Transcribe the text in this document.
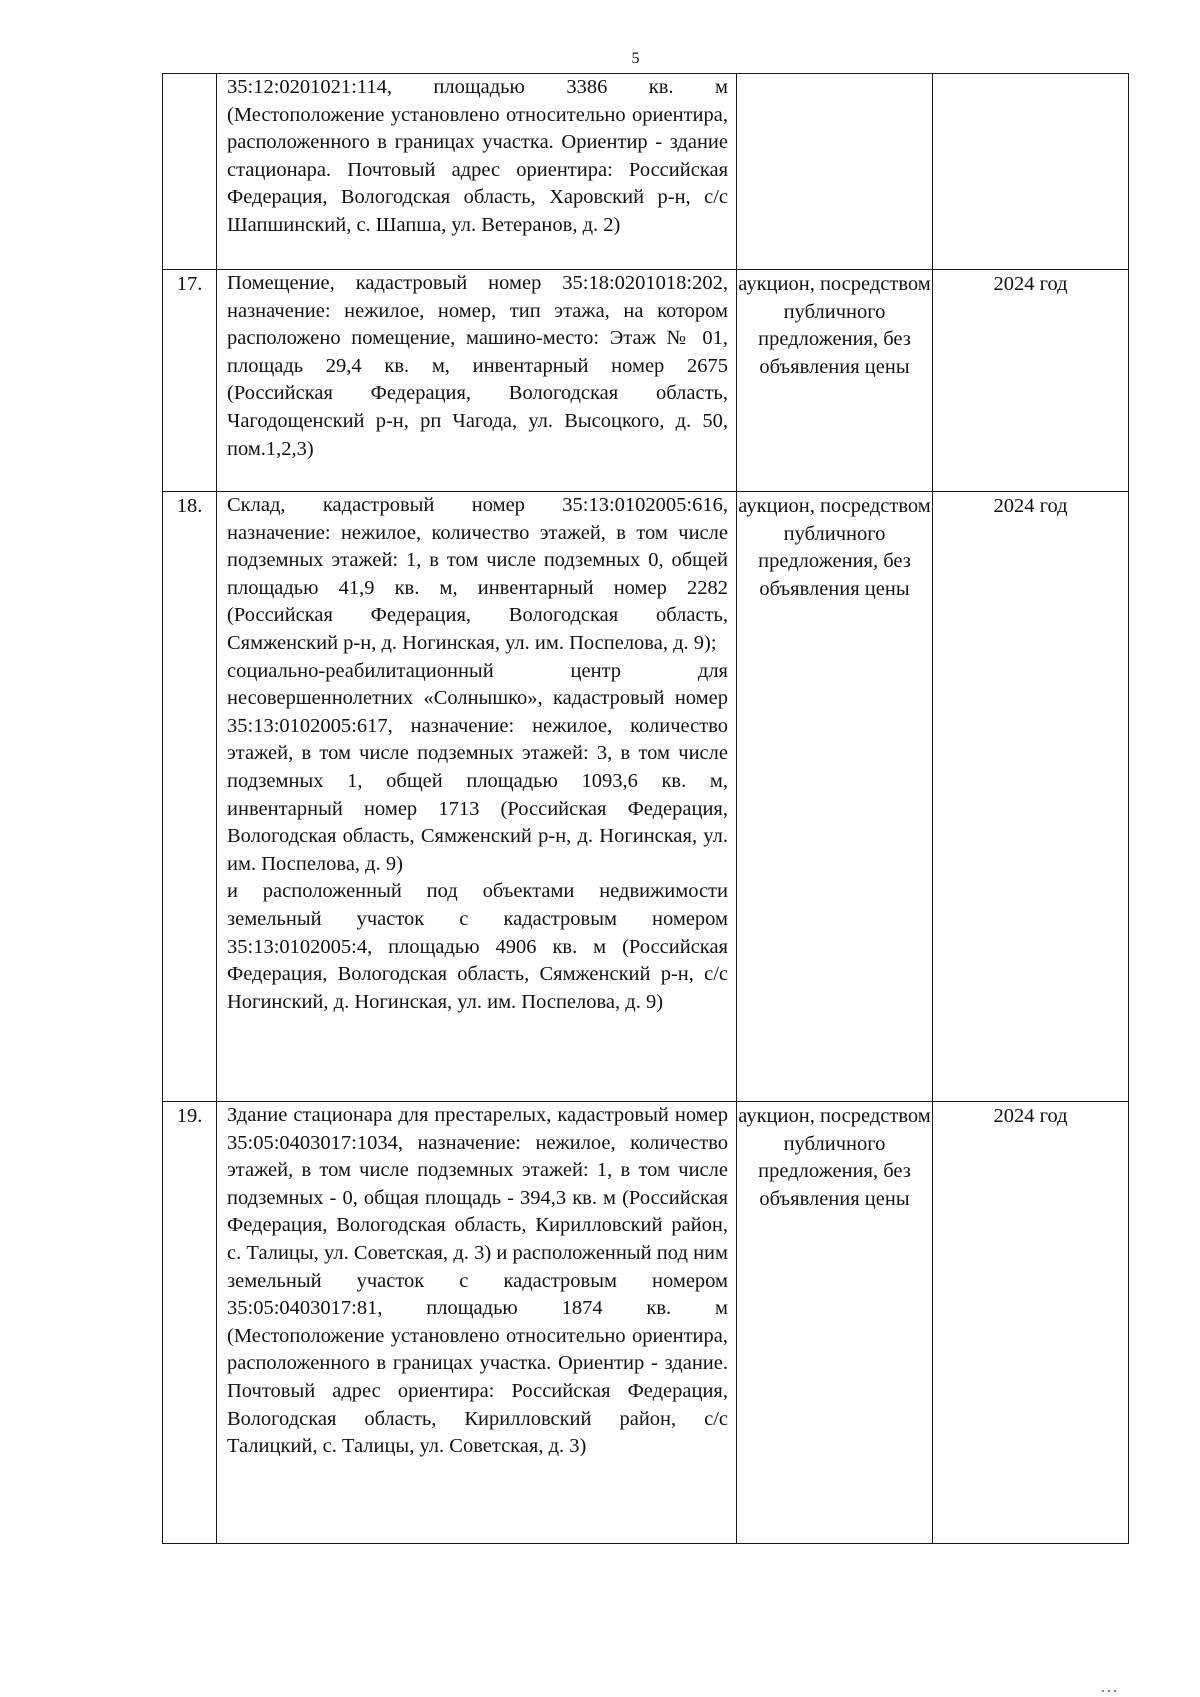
5

	35:12:0201021:114, площадью 3386 кв. м (Местоположение установлено относительно ориентира, расположенного в границах участка. Ориентир - здание стационара. Почтовый адрес ориентира: Российская Федерация, Вологодская область, Харовский р-н, с/с Шапшинский, с. Шапша, ул. Ветеранов, д. 2)		

17.	Помещение, кадастровый номер 35:18:0201018:202, назначение: нежилое, номер, тип этажа, на котором расположено помещение, машино-место: Этаж № 01, площадь 29,4 кв. м, инвентарный номер 2675 (Российская Федерация, Вологодская область, Чагодощенский р-н, рп Чагода, ул. Высоцкого, д. 50, пом.1,2,3)	аукцион, посредством публичного предложения, без объявления цены	2024 год
18.	Склад, кадастровый номер 35:13:0102005:616, назначение: нежилое, количество этажей, в том числе подземных этажей: 1, в том числе подземных 0, общей площадью 41,9 кв. м, инвентарный номер 2282 (Российская Федерация, Вологодская область, Сямженский р-н, д. Ногинская, ул. им. Поспелова, д. 9);
социально-реабилитационный центр для несовершеннолетних «Солнышко», кадастровый номер 35:13:0102005:617, назначение: нежилое, количество этажей, в том числе подземных этажей: 3, в том числе подземных 1, общей площадью 1093,6 кв. м, инвентарный номер 1713 (Российская Федерация, Вологодская область, Сямженский р-н, д. Ногинская, ул. им. Поспелова, д. 9)
и расположенный под объектами недвижимости земельный участок с кадастровым номером 35:13:0102005:4, площадью 4906 кв. м (Российская Федерация, Вологодская область, Сямженский р-н, с/с Ногинский, д. Ногинская, ул. им. Поспелова, д. 9)	аукцион, посредством публичного предложения, без объявления цены	2024 год
19.	Здание стационара для престарелых, кадастровый номер 35:05:0403017:1034, назначение: нежилое, количество этажей, в том числе подземных этажей: 1, в том числе подземных - 0, общая площадь - 394,3 кв. м (Российская Федерация, Вологодская область, Кирилловский район, с. Талицы, ул. Советская, д. 3) и расположенный под ним земельный участок с кадастровым номером 35:05:0403017:81, площадью 1874 кв. м (Местоположение установлено относительно ориентира, расположенного в границах участка. Ориентир - здание. Почтовый адрес ориентира: Российская Федерация, Вологодская область, Кирилловский район, с/с Талицкий, с. Талицы, ул. Советская, д. 3)	аукцион, посредством публичного предложения, без объявления цены	2024 год
